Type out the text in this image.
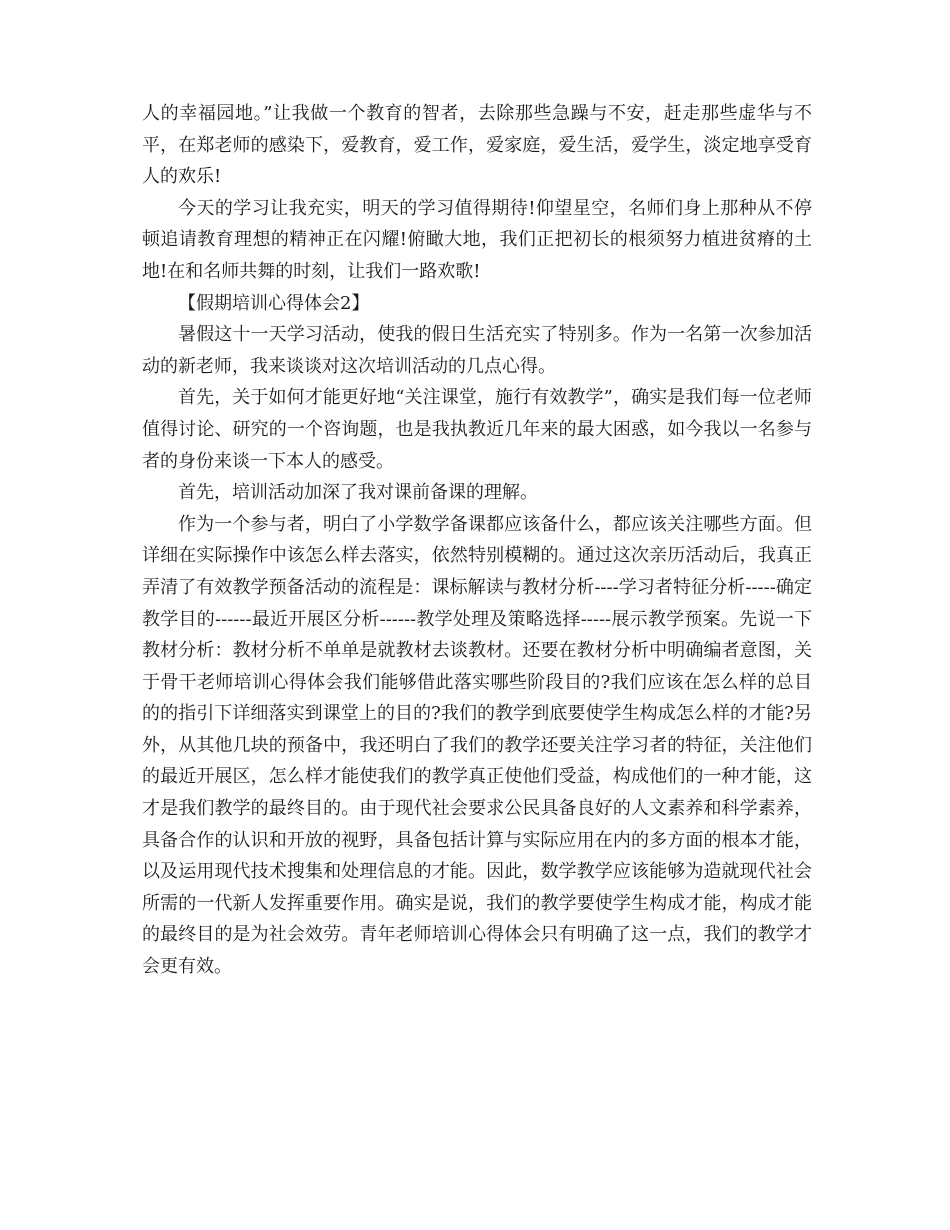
人的幸福园地。”让我做一个教育的智者，去除那些急躁与不安，赶走那些虚华与不平，在郑老师的感染下，爱教育，爱工作，爱家庭，爱生活，爱学生，淡定地享受育人的欢乐!

今天的学习让我充实，明天的学习值得期待!仰望星空，名师们身上那种从不停顿追请教育理想的精神正在闪耀!俯瞰大地，我们正把初长的根须努力植进贫瘠的土地!在和名师共舞的时刻，让我们一路欢歌!

【假期培训心得体会2】

暑假这十一天学习活动，使我的假日生活充实了特别多。作为一名第一次参加活动的新老师，我来谈谈对这次培训活动的几点心得。

首先，关于如何才能更好地“关注课堂，施行有效教学”，确实是我们每一位老师值得讨论、研究的一个咨询题，也是我执教近几年来的最大困惑，如今我以一名参与者的身份来谈一下本人的感受。

首先，培训活动加深了我对课前备课的理解。

作为一个参与者，明白了小学数学备课都应该备什么，都应该关注哪些方面。但详细在实际操作中该怎么样去落实，依然特别模糊的。通过这次亲历活动后，我真正弄清了有效教学预备活动的流程是：课标解读与教材分析----学习者特征分析-----确定教学目的------最近开展区分析------教学处理及策略选择-----展示教学预案。先说一下教材分析：教材分析不单单是就教材去谈教材。还要在教材分析中明确编者意图，关于骨干老师培训心得体会我们能够借此落实哪些阶段目的?我们应该在怎么样的总目的的指引下详细落实到课堂上的目的?我们的教学到底要使学生构成怎么样的才能?另外，从其他几块的预备中，我还明白了我们的教学还要关注学习者的特征，关注他们的最近开展区，怎么样才能使我们的教学真正使他们受益，构成他们的一种才能，这才是我们教学的最终目的。由于现代社会要求公民具备良好的人文素养和科学素养，具备合作的认识和开放的视野，具备包括计算与实际应用在内的多方面的根本才能，以及运用现代技术搜集和处理信息的才能。因此，数学教学应该能够为造就现代社会所需的一代新人发挥重要作用。确实是说，我们的教学要使学生构成才能，构成才能的最终目的是为社会效劳。青年老师培训心得体会只有明确了这一点，我们的教学才会更有效。
